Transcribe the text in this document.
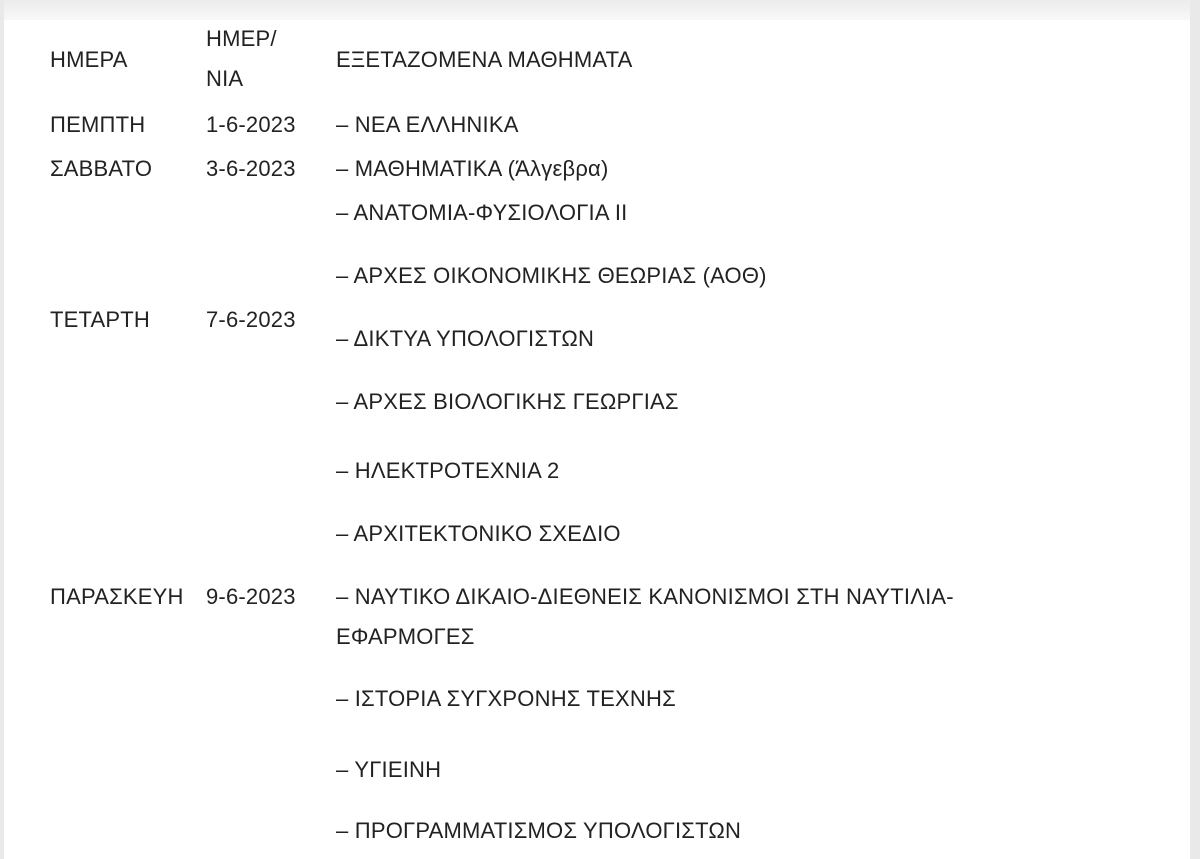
ΗΜΕΡΑ
ΗΜΕΡ/
ΝΙΑ
ΕΞΕΤΑΖΟΜΕΝΑ ΜΑΘΗΜΑΤΑ
ΠΕΜΠΤΗ	1-6-2023 – ΝΕΑ ΕΛΛΗΝΙΚΑ
ΣΑΒΒΑΤΟ 3-6-2023 – ΜΑΘΗΜΑΤΙΚΑ (Άλγεβρα)
– ΑΝΑΤΟΜΙΑ-ΦΥΣΙΟΛΟΓΙΑ ΙΙ
– ΑΡΧΕΣ ΟΙΚΟΝΟΜΙΚΗΣ ΘΕΩΡΙΑΣ (ΑΟΘ)
ΤΕΤΑΡΤΗ	7-6-2023
– ΔΙΚΤΥΑ ΥΠΟΛΟΓΙΣΤΩΝ
– ΑΡΧΕΣ ΒΙΟΛΟΓΙΚΗΣ ΓΕΩΡΓΙΑΣ
– ΗΛΕΚΤΡΟΤΕΧΝΙΑ 2
– ΑΡΧΙΤΕΚΤΟΝΙΚΟ ΣΧΕΔΙΟ
ΠΑΡΑΣΚΕΥΗ 9-6-2023 – ΝΑΥΤΙΚΟ ΔΙΚΑΙΟ-ΔΙΕΘΝΕΙΣ ΚΑΝΟΝΙΣΜΟΙ ΣΤΗ ΝΑΥΤΙΛΙΑ-
ΕΦΑΡΜΟΓΕΣ
– ΙΣΤΟΡΙΑ ΣΥΓΧΡΟΝΗΣ ΤΕΧΝΗΣ
– ΥΓΙΕΙΝΗ
– ΠΡΟΓΡΑΜΜΑΤΙΣΜΟΣ ΥΠΟΛΟΓΙΣΤΩΝ
